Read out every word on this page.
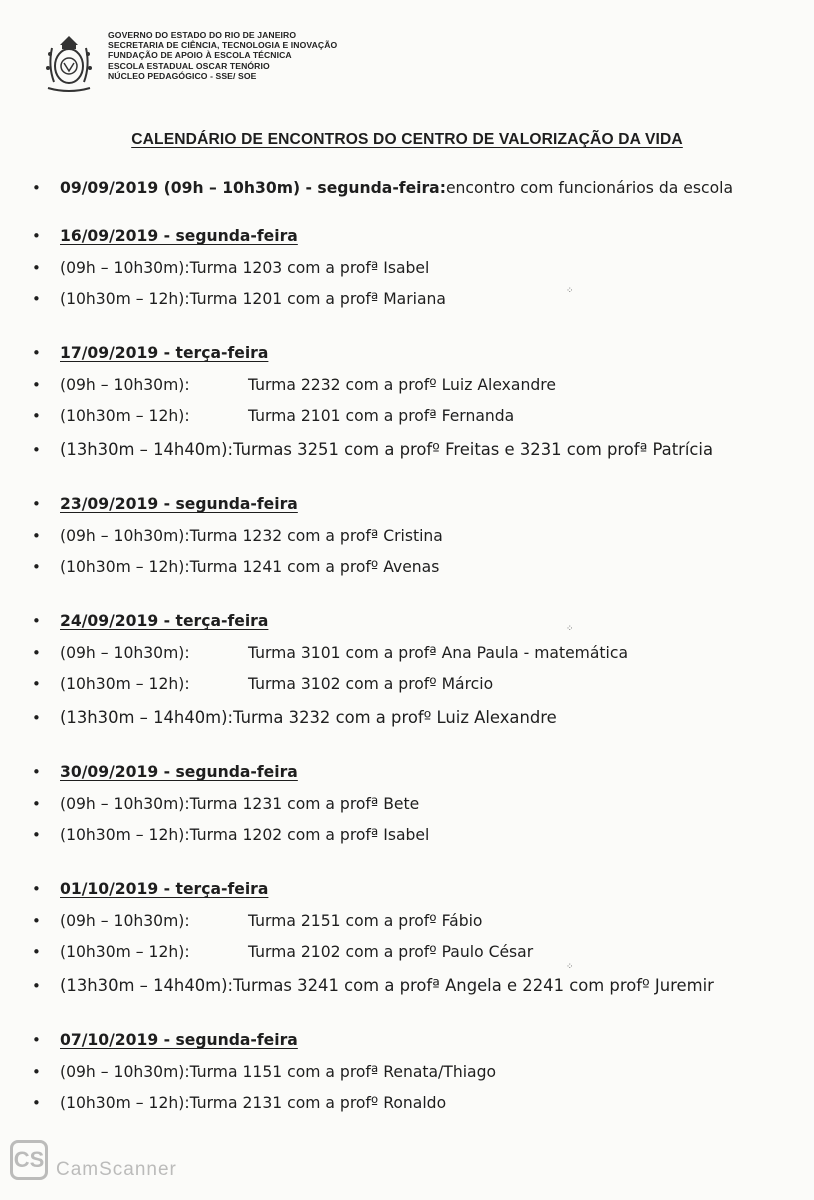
GOVERNO DO ESTADO DO RIO DE JANEIRO
SECRETARIA DE CIÊNCIA, TECNOLOGIA E INOVAÇÃO
FUNDAÇÃO DE APOIO À ESCOLA TÉCNICA
ESCOLA ESTADUAL OSCAR TENÓRIO
NÚCLEO PEDAGÓGICO - SSE/ SOE
CALENDÁRIO DE ENCONTROS DO CENTRO DE VALORIZAÇÃO DA VIDA
•	09/09/2019 (09h – 10h30m) - segunda-feira: encontro com funcionários da escola
•	16/09/2019 - segunda-feira
•	(09h – 10h30m): Turma 1203 com a profª Isabel
•	(10h30m – 12h): Turma 1201 com a profª Mariana
•	17/09/2019 - terça-feira
•	(09h – 10h30m):	Turma 2232 com a profº Luiz Alexandre
•	(10h30m – 12h):	Turma 2101 com a profª Fernanda
•	(13h30m – 14h40m): Turmas 3251 com a profº Freitas e 3231 com profª Patrícia
•	23/09/2019 - segunda-feira
•	(09h – 10h30m): Turma 1232 com a profª Cristina
•	(10h30m – 12h): Turma 1241 com a profº Avenas
•	24/09/2019 - terça-feira
•	(09h – 10h30m):	Turma 3101 com a profª Ana Paula - matemática
•	(10h30m – 12h):	Turma 3102 com a profº Márcio
•	(13h30m – 14h40m): Turma 3232 com a profº Luiz Alexandre
•	30/09/2019 - segunda-feira
•	(09h – 10h30m): Turma 1231 com a profª Bete
•	(10h30m – 12h): Turma 1202 com a profª Isabel
•	01/10/2019 - terça-feira
•	(09h – 10h30m):	Turma 2151 com a profº Fábio
•	(10h30m – 12h):	Turma 2102 com a profº Paulo César
•	(13h30m – 14h40m): Turmas 3241 com a profª Angela e 2241 com profº Juremir
•	07/10/2019 - segunda-feira
•	(09h – 10h30m): Turma 1151 com a profª Renata/Thiago
•	(10h30m – 12h): Turma 2131 com a profº Ronaldo
⁘
⁘
⁘
CS CamScanner
